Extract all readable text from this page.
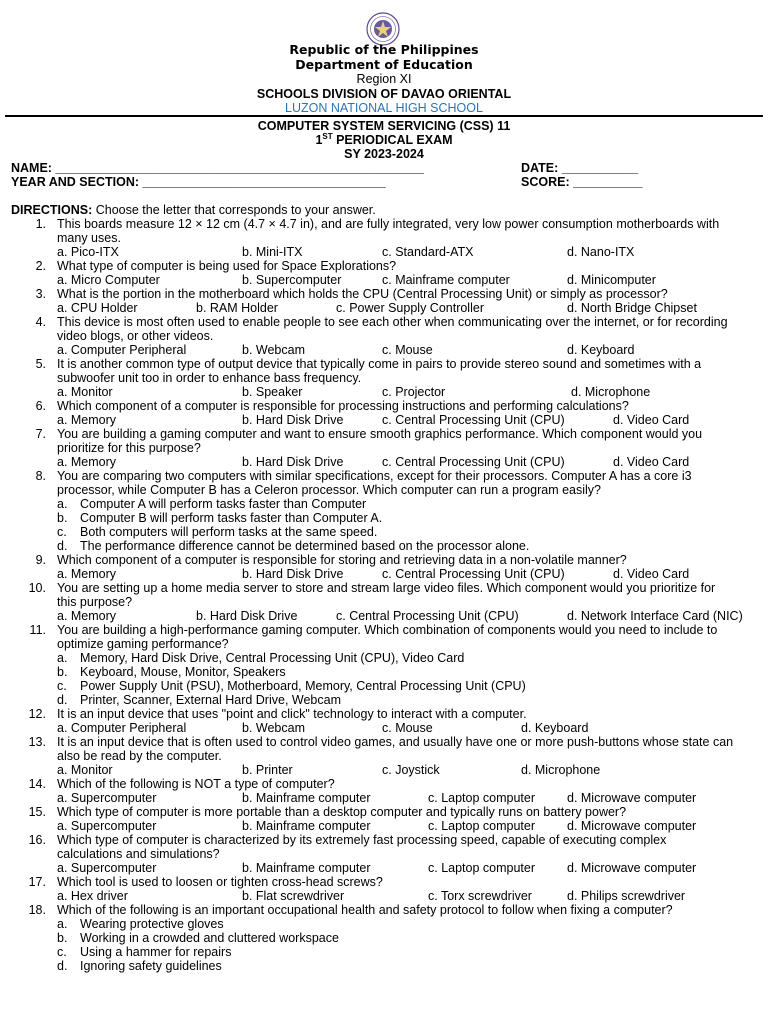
Republic of the Philippines
Department of Education
Region XI
SCHOOLS DIVISION OF DAVAO ORIENTAL
LUZON NATIONAL HIGH SCHOOL
COMPUTER SYSTEM SERVICING (CSS) 11
1ST PERIODICAL EXAM
SY 2023-2024
NAME: _____________________________________________________	DATE: ___________
YEAR AND SECTION: ___________________________________	SCORE: __________
DIRECTIONS: Choose the letter that corresponds to your answer.
1. This boards measure 12 × 12 cm (4.7 × 4.7 in), and are fully integrated, very low power consumption motherboards with
many uses.
a. Pico-ITX	b. Mini-ITX	c. Standard-ATX	d. Nano-ITX
2. What type of computer is being used for Space Explorations?
a. Micro Computer	b. Supercomputer	c. Mainframe computer	d. Minicomputer
3. What is the portion in the motherboard which holds the CPU (Central Processing Unit) or simply as processor?
a. CPU Holder	b. RAM Holder	c. Power Supply Controller	d. North Bridge Chipset
4. This device is most often used to enable people to see each other when communicating over the internet, or for recording
video blogs, or other videos.
a. Computer Peripheral	b. Webcam	c. Mouse	d. Keyboard
5. It is another common type of output device that typically come in pairs to provide stereo sound and sometimes with a
subwoofer unit too in order to enhance bass frequency.
a. Monitor	b. Speaker	c. Projector	d. Microphone
6. Which component of a computer is responsible for processing instructions and performing calculations?
a. Memory	b. Hard Disk Drive	c. Central Processing Unit (CPU)	d. Video Card
7. You are building a gaming computer and want to ensure smooth graphics performance. Which component would you
prioritize for this purpose?
a. Memory	b. Hard Disk Drive	c. Central Processing Unit (CPU)	d. Video Card
8. You are comparing two computers with similar specifications, except for their processors. Computer A has a core i3
processor, while Computer B has a Celeron processor. Which computer can run a program easily?
a. Computer A will perform tasks faster than Computer
b. Computer B will perform tasks faster than Computer A.
c. Both computers will perform tasks at the same speed.
d. The performance difference cannot be determined based on the processor alone.
9. Which component of a computer is responsible for storing and retrieving data in a non-volatile manner?
a. Memory	b. Hard Disk Drive	c. Central Processing Unit (CPU)	d. Video Card
10. You are setting up a home media server to store and stream large video files. Which component would you prioritize for
this purpose?
a. Memory	b. Hard Disk Drive	c. Central Processing Unit (CPU)	d. Network Interface Card (NIC)
11. You are building a high-performance gaming computer. Which combination of components would you need to include to
optimize gaming performance?
a. Memory, Hard Disk Drive, Central Processing Unit (CPU), Video Card
b. Keyboard, Mouse, Monitor, Speakers
c. Power Supply Unit (PSU), Motherboard, Memory, Central Processing Unit (CPU)
d. Printer, Scanner, External Hard Drive, Webcam
12. It is an input device that uses "point and click" technology to interact with a computer.
a. Computer Peripheral	b. Webcam	c. Mouse	d. Keyboard
13. It is an input device that is often used to control video games, and usually have one or more push-buttons whose state can
also be read by the computer.
a. Monitor	b. Printer	c. Joystick	d. Microphone
14. Which of the following is NOT a type of computer?
a. Supercomputer	b. Mainframe computer	c. Laptop computer	d. Microwave computer
15. Which type of computer is more portable than a desktop computer and typically runs on battery power?
a. Supercomputer	b. Mainframe computer	c. Laptop computer	d. Microwave computer
16. Which type of computer is characterized by its extremely fast processing speed, capable of executing complex
calculations and simulations?
a. Supercomputer	b. Mainframe computer	c. Laptop computer	d. Microwave computer
17. Which tool is used to loosen or tighten cross-head screws?
a. Hex driver	b. Flat screwdriver	c. Torx screwdriver	d. Philips screwdriver
18. Which of the following is an important occupational health and safety protocol to follow when fixing a computer?
a. Wearing protective gloves
b. Working in a crowded and cluttered workspace
c. Using a hammer for repairs
d. Ignoring safety guidelines
